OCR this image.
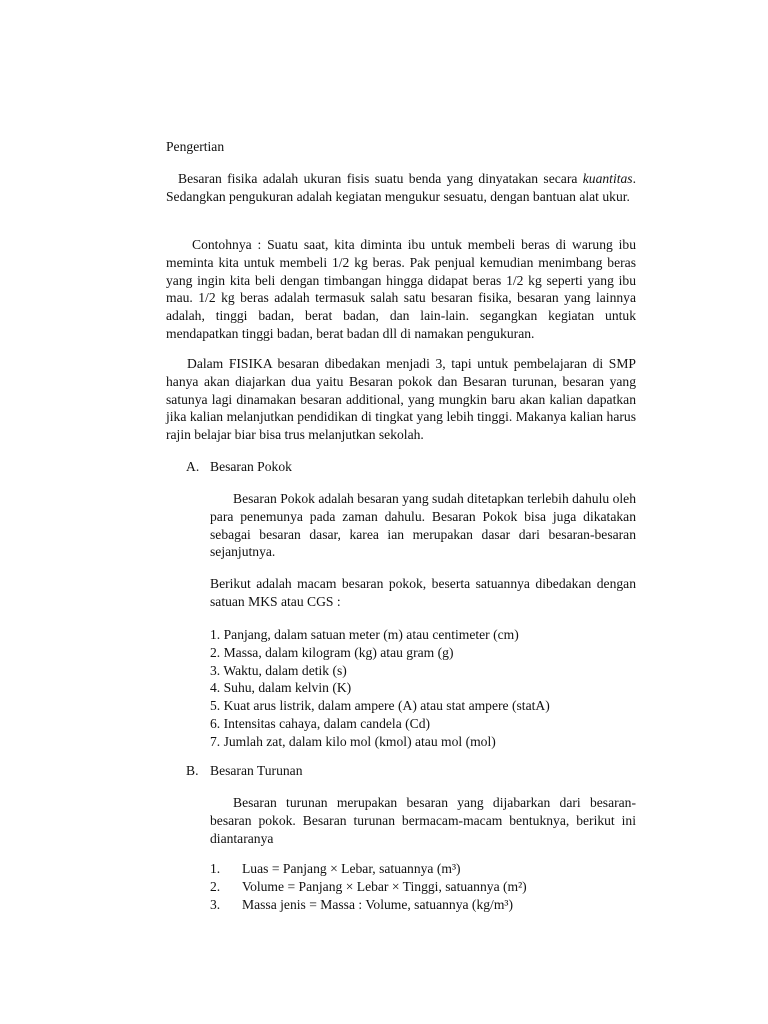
Pengertian

Besaran fisika adalah ukuran fisis suatu benda yang dinyatakan secara kuantitas. Sedangkan pengukuran adalah kegiatan mengukur sesuatu, dengan bantuan alat ukur.

Contohnya : Suatu saat, kita diminta ibu untuk membeli beras di warung ibu meminta kita untuk membeli 1/2 kg beras. Pak penjual kemudian menimbang beras yang ingin kita beli dengan timbangan hingga didapat beras 1/2 kg seperti yang ibu mau. 1/2 kg beras adalah termasuk salah satu besaran fisika, besaran yang lainnya adalah, tinggi badan, berat badan, dan lain-lain. segangkan kegiatan untuk mendapatkan tinggi badan, berat badan dll di namakan pengukuran.

Dalam FISIKA besaran dibedakan menjadi 3, tapi untuk pembelajaran di SMP hanya akan diajarkan dua yaitu Besaran pokok dan Besaran turunan, besaran yang satunya lagi dinamakan besaran additional, yang mungkin baru akan kalian dapatkan jika kalian melanjutkan pendidikan di tingkat yang lebih tinggi. Makanya kalian harus rajin belajar biar bisa trus melanjutkan sekolah.

A. Besaran Pokok

Besaran Pokok adalah besaran yang sudah ditetapkan terlebih dahulu oleh para penemunya pada zaman dahulu. Besaran Pokok bisa juga dikatakan sebagai besaran dasar, karea ian merupakan dasar dari besaran-besaran sejanjutnya.

Berikut adalah macam besaran pokok, beserta satuannya dibedakan dengan satuan MKS atau CGS :

1. Panjang, dalam satuan meter (m) atau centimeter (cm)
2. Massa, dalam kilogram (kg) atau gram (g)
3. Waktu, dalam detik (s)
4. Suhu, dalam kelvin (K)
5. Kuat arus listrik, dalam ampere (A) atau stat ampere (statA)
6. Intensitas cahaya, dalam candela (Cd)
7. Jumlah zat, dalam kilo mol (kmol) atau mol (mol)
B. Besaran Turunan

Besaran turunan merupakan besaran yang dijabarkan dari besaran-besaran pokok. Besaran turunan bermacam-macam bentuknya, berikut ini diantaranya

1. Luas = Panjang × Lebar, satuannya (m³)
2. Volume = Panjang × Lebar × Tinggi, satuannya (m²)
3. Massa jenis = Massa : Volume, satuannya (kg/m³)
